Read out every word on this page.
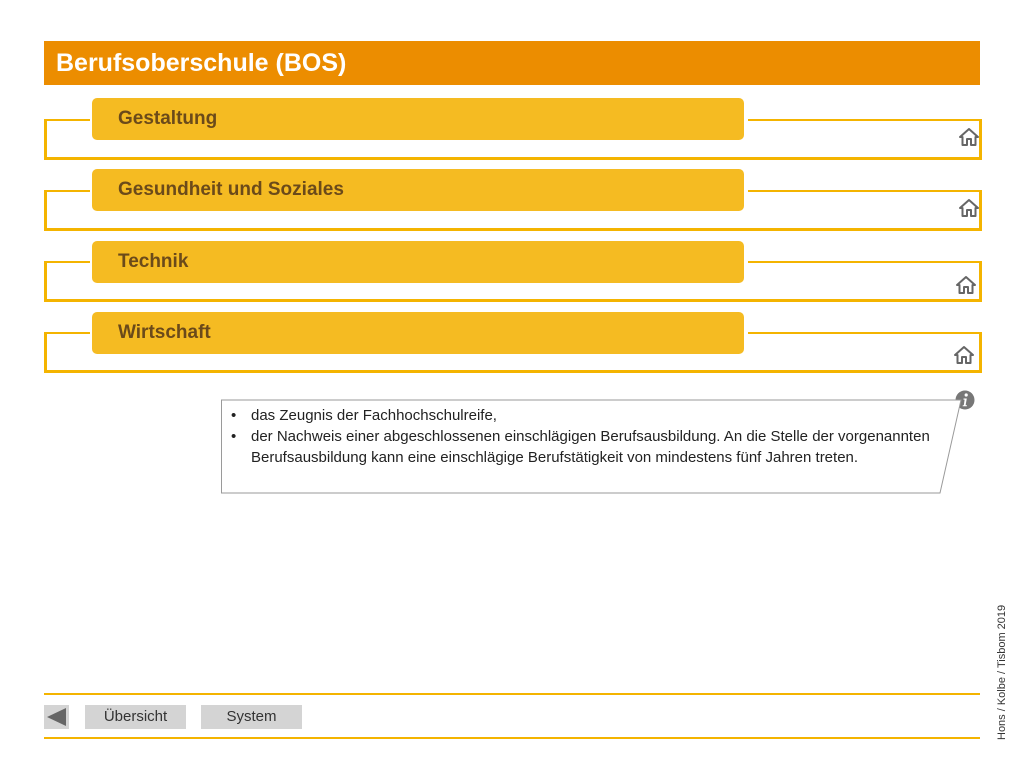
Berufsoberschule (BOS)
Gestaltung
Gesundheit und Soziales
Technik
Wirtschaft
• das Zeugnis der Fachhochschulreife,
• der Nachweis einer abgeschlossenen einschlägigen Berufsausbildung. An die Stelle der vorgenannten Berufsausbildung kann eine einschlägige Berufstätigkeit von mindestens fünf Jahren treten.
Hons / Kolbe / Tisbom 2019
Übersicht	System
